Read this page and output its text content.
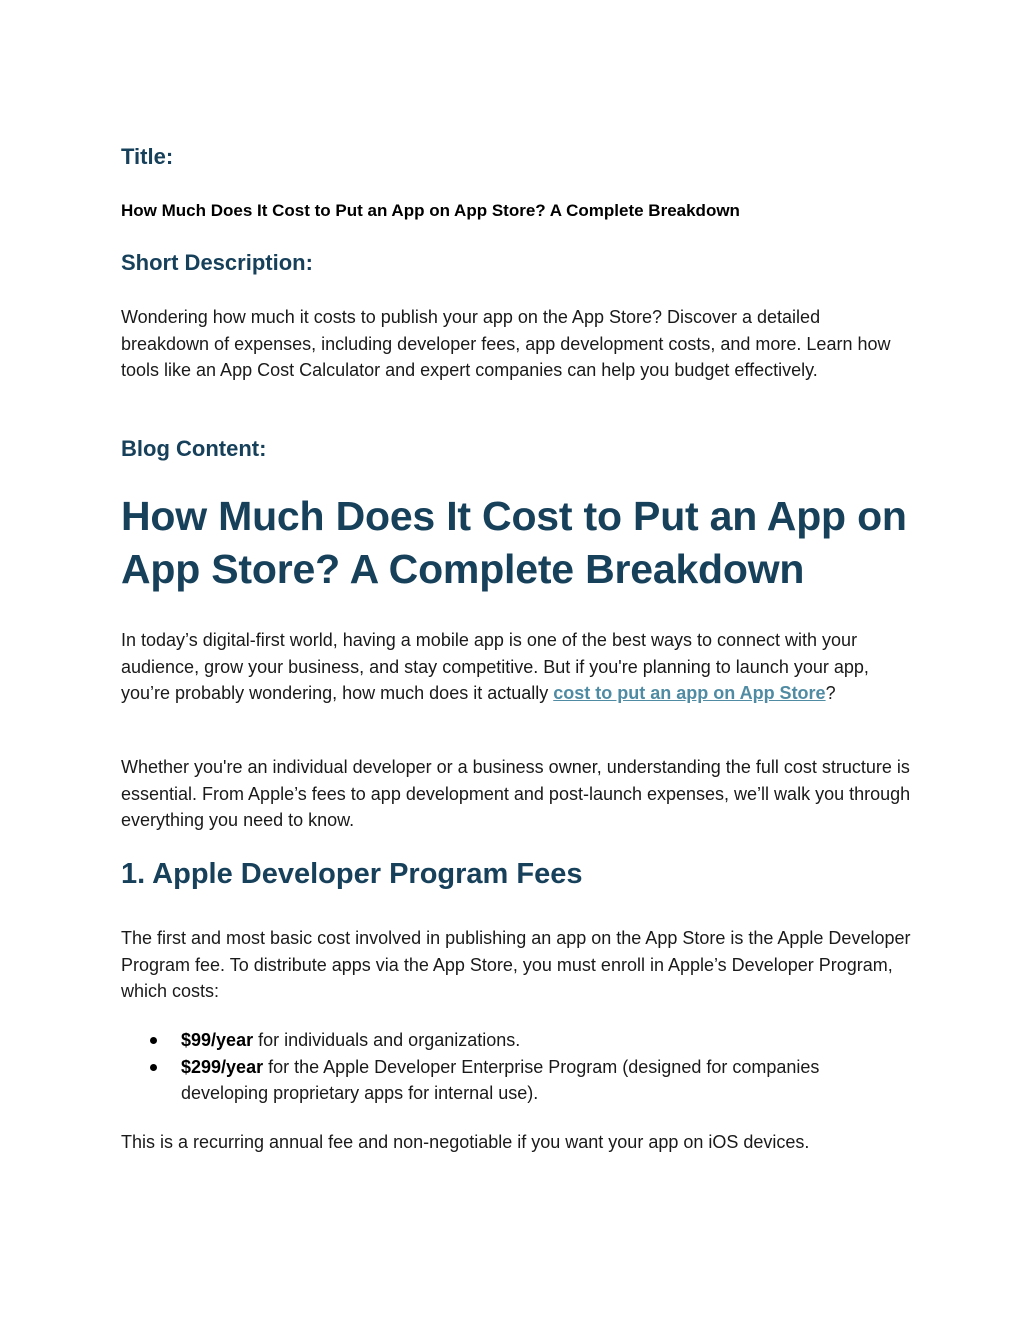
Title:

How Much Does It Cost to Put an App on App Store? A Complete Breakdown

Short Description:

Wondering how much it costs to publish your app on the App Store? Discover a detailed breakdown of expenses, including developer fees, app development costs, and more. Learn how tools like an App Cost Calculator and expert companies can help you budget effectively.

Blog Content:
How Much Does It Cost to Put an App on
App Store? A Complete Breakdown

In today’s digital-first world, having a mobile app is one of the best ways to connect with your audience, grow your business, and stay competitive. But if you're planning to launch your app, you’re probably wondering, how much does it actually cost to put an app on App Store?

Whether you're an individual developer or a business owner, understanding the full cost structure is essential. From Apple’s fees to app development and post-launch expenses, we’ll walk you through everything you need to know.

1. Apple Developer Program Fees

The first and most basic cost involved in publishing an app on the App Store is the Apple Developer Program fee. To distribute apps via the App Store, you must enroll in Apple’s Developer Program, which costs:

$99/year for individuals and organizations.
$299/year for the Apple Developer Enterprise Program (designed for companies developing proprietary apps for internal use).

This is a recurring annual fee and non-negotiable if you want your app on iOS devices.
